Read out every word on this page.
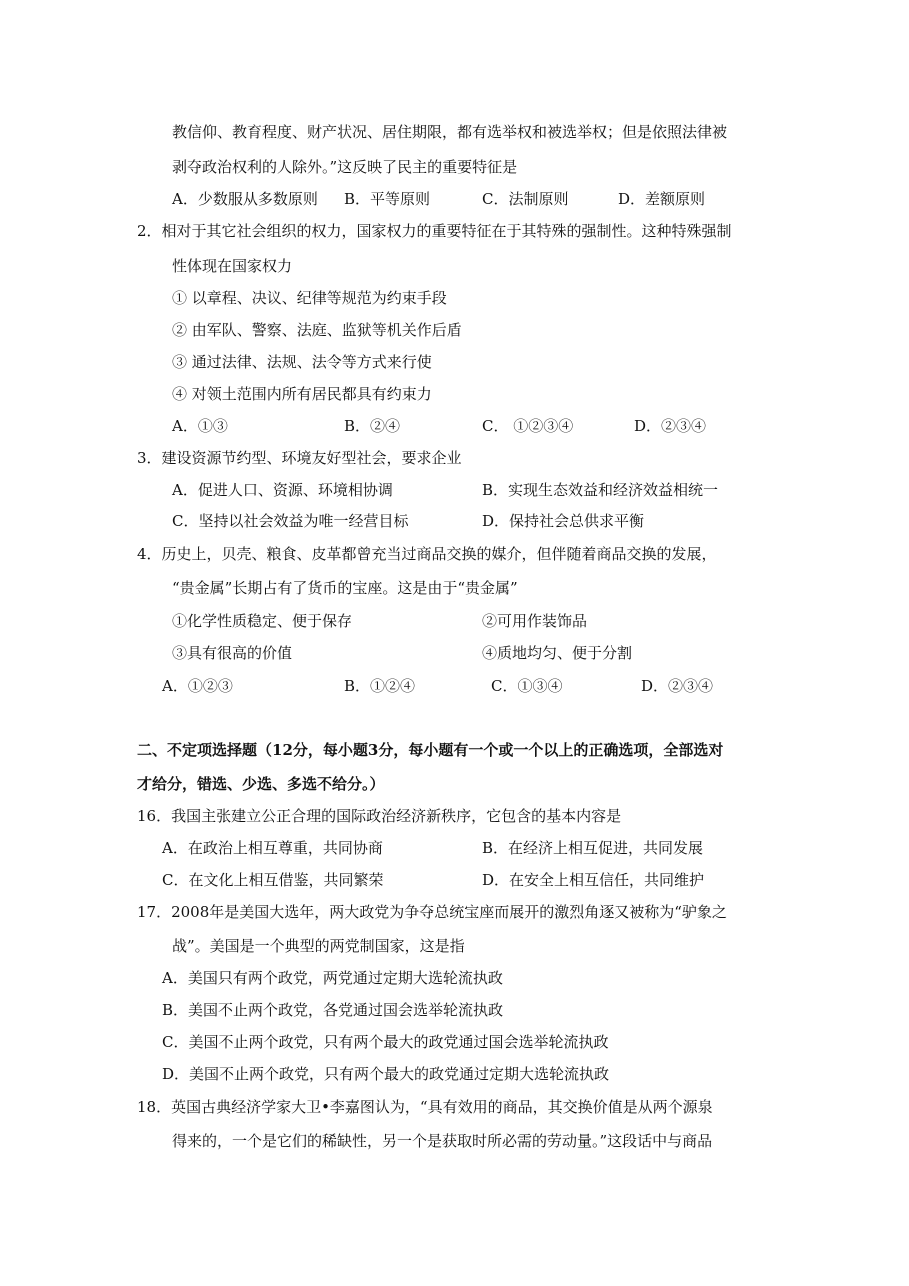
教信仰、教育程度、财产状况、居住期限，都有选举权和被选举权；但是依照法律被
剥夺政治权利的人除外。”这反映了民主的重要特征是
A．少数服从多数原则 B．平等原则	C．法制原则	D．差额原则
2．相对于其它社会组织的权力，国家权力的重要特征在于其特殊的强制性。这种特殊强制
性体现在国家权力
① 以章程、决议、纪律等规范为约束手段
② 由军队、警察、法庭、监狱等机关作后盾
③ 通过法律、法规、法令等方式来行使
④ 对领土范围内所有居民都具有约束力
A．①③	B．②④	C． ①②③④	D．②③④
3．建设资源节约型、环境友好型社会，要求企业
A．促进人口、资源、环境相协调	B．实现生态效益和经济效益相统一
C．坚持以社会效益为唯一经营目标	D．保持社会总供求平衡
4．历史上，贝壳、粮食、皮革都曾充当过商品交换的媒介，但伴随着商品交换的发展，
“贵金属”长期占有了货币的宝座。这是由于“贵金属”
①化学性质稳定、便于保存	②可用作装饰品
③具有很高的价值	④质地均匀、便于分割
A．①②③	B．①②④	C．①③④	D．②③④
二、不定项选择题（12分，每小题3分，每小题有一个或一个以上的正确选项，全部选对
才给分，错选、少选、多选不给分。）
16．我国主张建立公正合理的国际政治经济新秩序，它包含的基本内容是
A．在政治上相互尊重，共同协商	B．在经济上相互促进，共同发展
C．在文化上相互借鉴，共同繁荣	D．在安全上相互信任，共同维护
17．2008年是美国大选年，两大政党为争夺总统宝座而展开的激烈角逐又被称为“驴象之
战”。美国是一个典型的两党制国家，这是指
A．美国只有两个政党，两党通过定期大选轮流执政
B．美国不止两个政党，各党通过国会选举轮流执政
C．美国不止两个政党，只有两个最大的政党通过国会选举轮流执政
D．美国不止两个政党，只有两个最大的政党通过定期大选轮流执政
18．英国古典经济学家大卫•李嘉图认为，“具有效用的商品，其交换价值是从两个源泉
得来的，一个是它们的稀缺性，另一个是获取时所必需的劳动量。”这段话中与商品
